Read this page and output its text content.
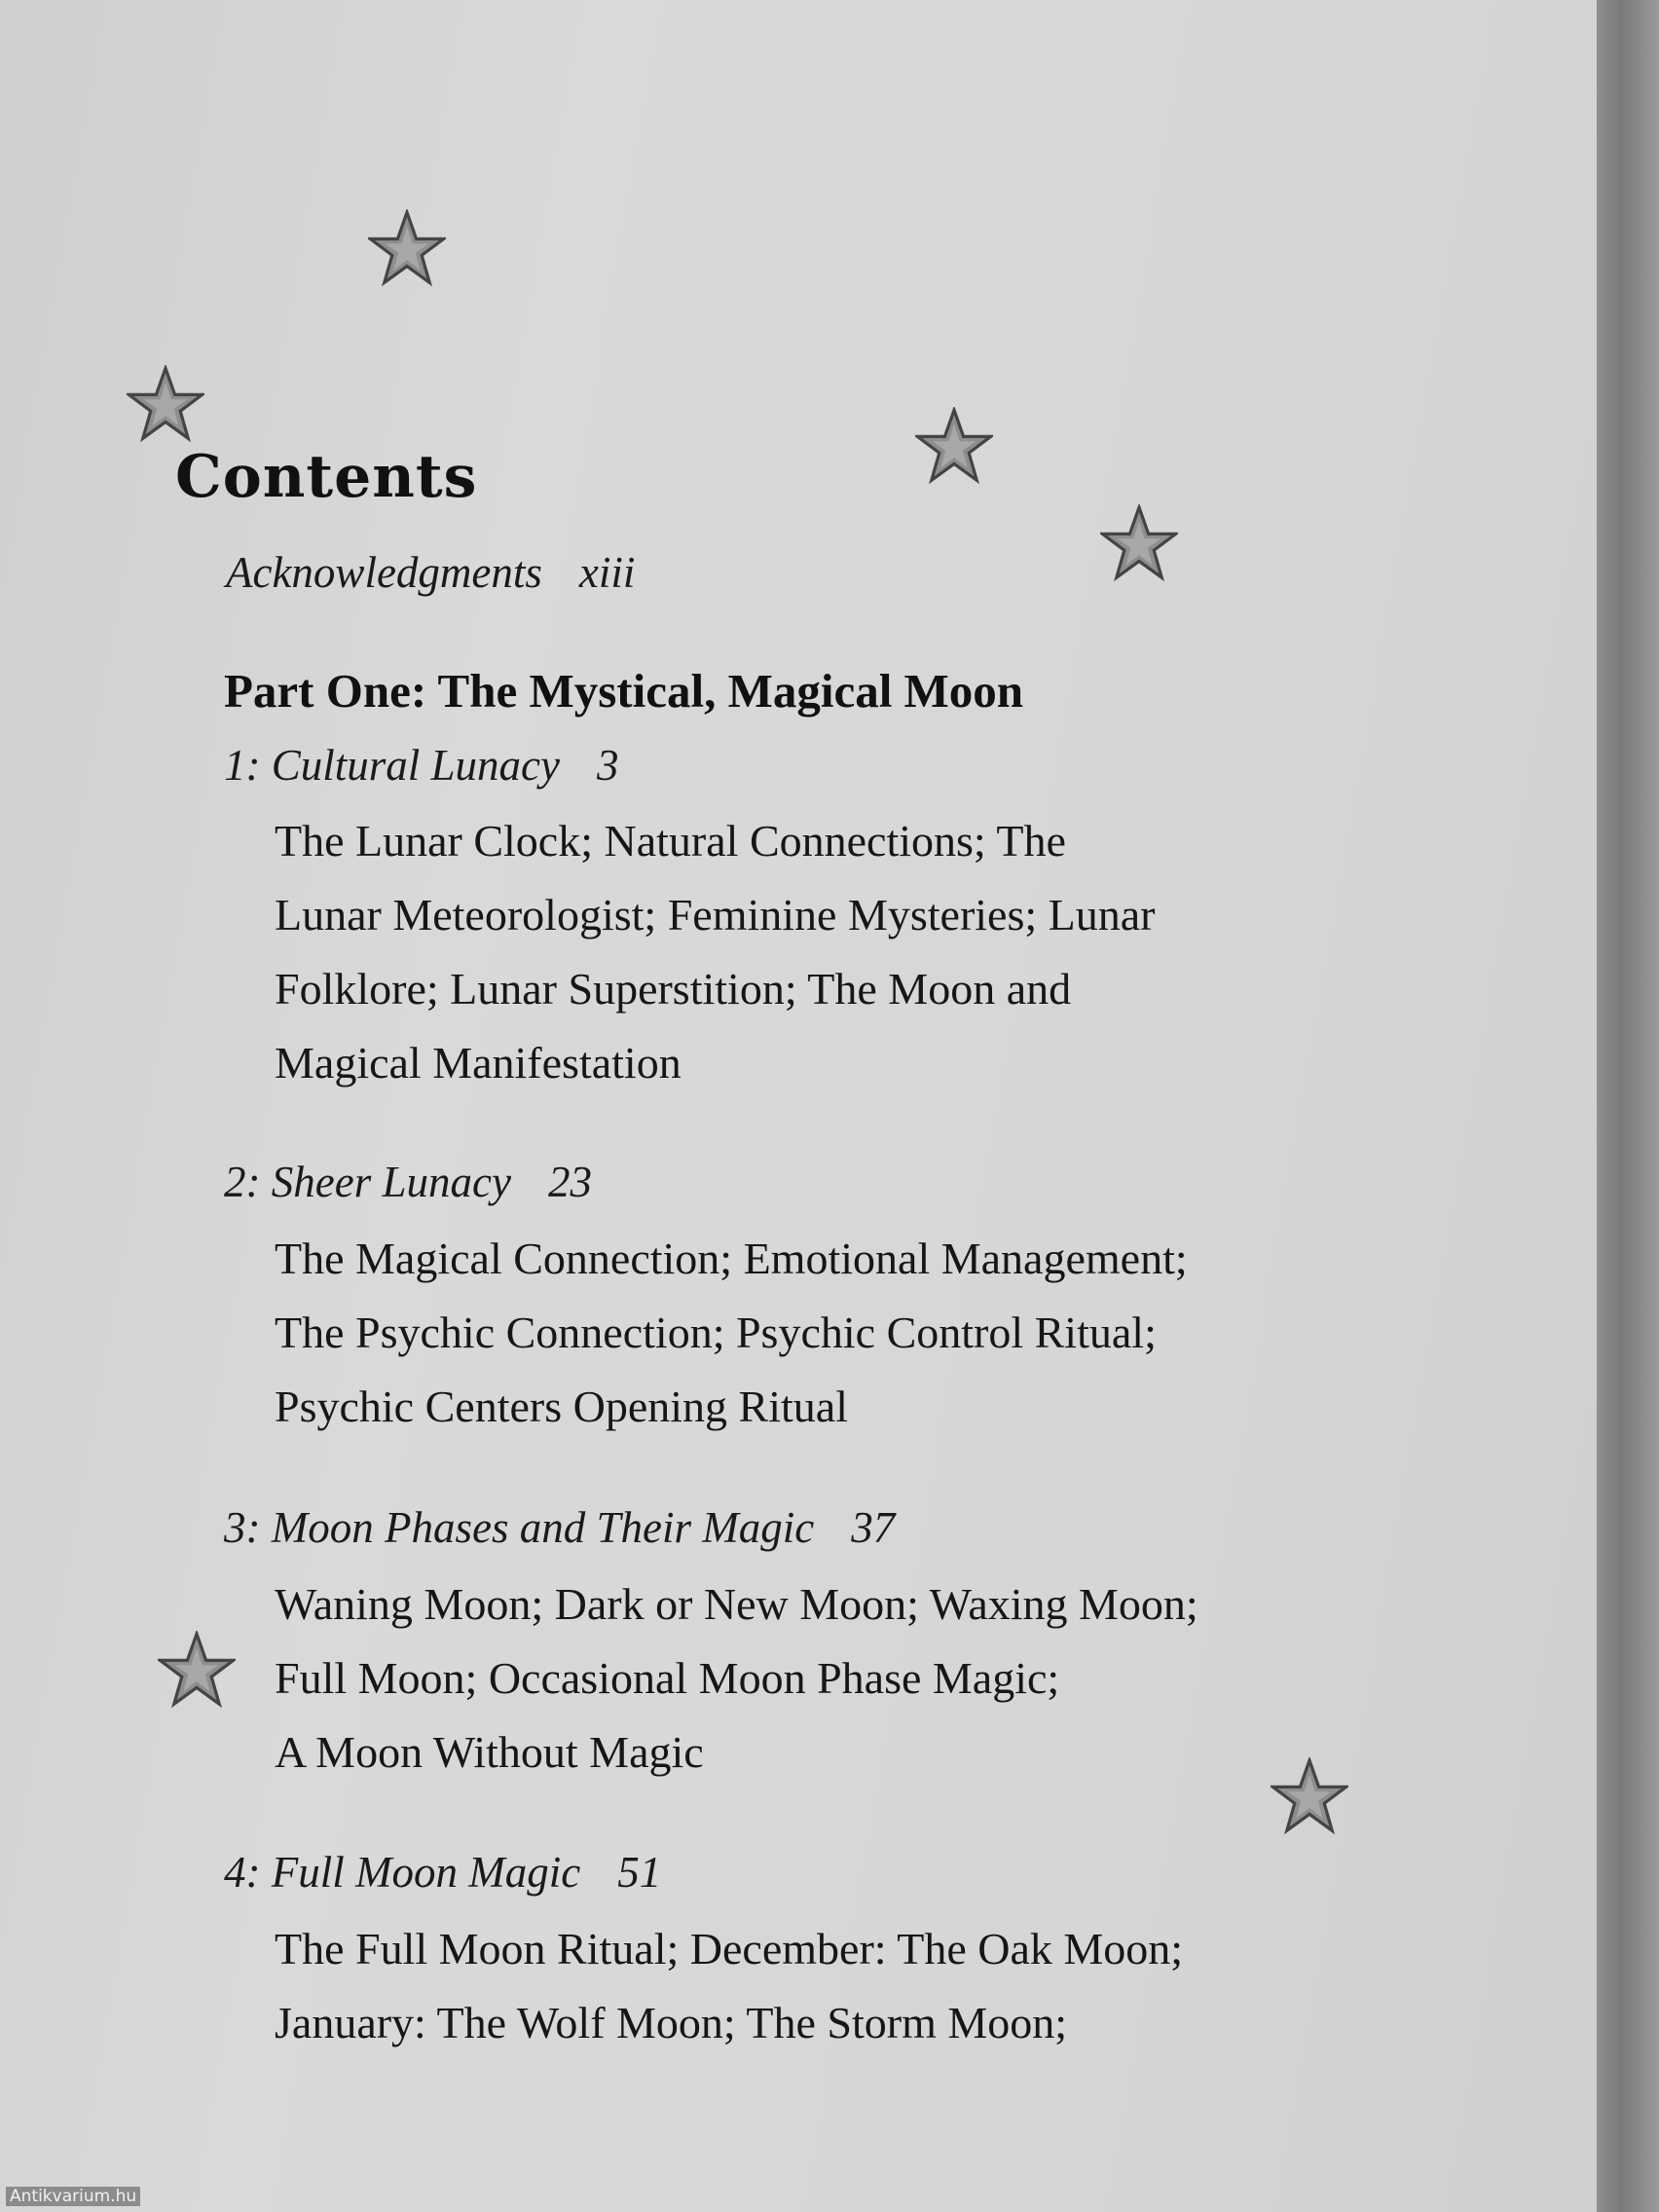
Contents
Acknowledgments xiii
Part One: The Mystical, Magical Moon
1: Cultural Lunacy 3
The Lunar Clock; Natural Connections; The
Lunar Meteorologist; Feminine Mysteries; Lunar
Folklore; Lunar Superstition; The Moon and
Magical Manifestation
2: Sheer Lunacy 23
The Magical Connection; Emotional Management;
The Psychic Connection; Psychic Control Ritual;
Psychic Centers Opening Ritual
3: Moon Phases and Their Magic 37
Waning Moon; Dark or New Moon; Waxing Moon;
Full Moon; Occasional Moon Phase Magic;
A Moon Without Magic
4: Full Moon Magic 51
The Full Moon Ritual; December: The Oak Moon;
January: The Wolf Moon; The Storm Moon;
Antikvarium.hu
